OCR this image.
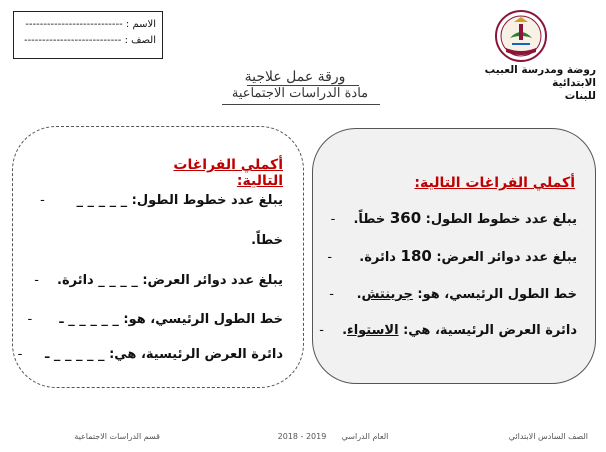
الاسم : ---------------------------
الصف : ---------------------------
روضة ومدرسة العبيب الابتدائية
للبنات
ورقة عمل علاجية
مادة الدراسات الاجتماعية
أكملي الفراغات التالية:
يبلغ عدد خطوط الطول: _ _ _ _ _       -
خطاً.
يبلغ عدد دوائر العرض: _ _ _ _ دائرة.    -
خط الطول الرئيسي، هو: _ _ _ _ _ ـ      -
دائرة العرض الرئيسية، هي: _ _ _ _ _ ـ     -
أكملي الفراغات التالية:
يبلغ عدد خطوط الطول: 360 خطاً.    -
يبلغ عدد دوائر العرض: 180 دائرة.      -
خط الطول الرئيسي، هو: جرينتش.     -
دائرة العرض الرئيسية، هي: الاستواء.    -
الصف السادس الابتدائي
العام الدراسي      2018 - 2019
قسم الدراسات الاجتماعية
